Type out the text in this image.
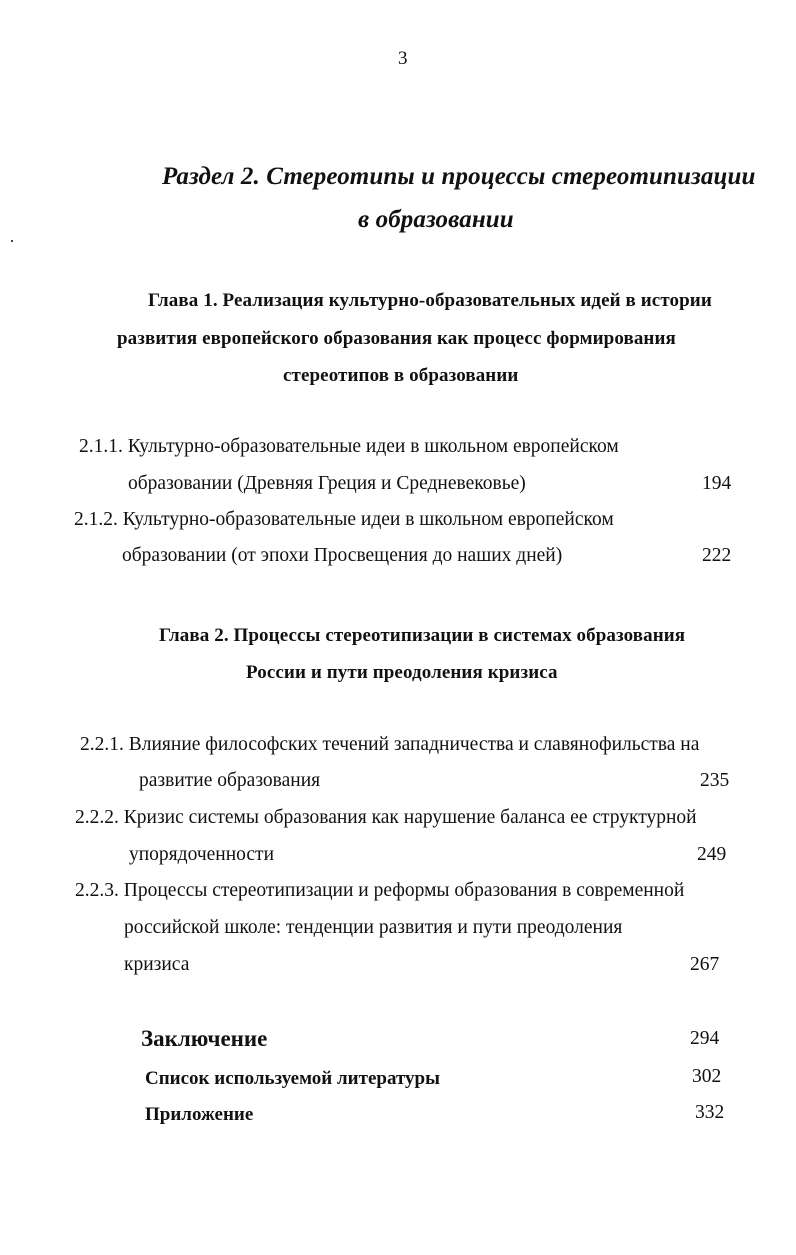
3
Раздел 2. Стереотипы и процессы стереотипизации
в образовании
Глава 1. Реализация культурно-образовательных идей в истории
развития европейского образования как процесс формирования
стереотипов в образовании
2.1.1. Культурно-образовательные идеи в школьном европейском
образовании (Древняя Греция и Средневековье)	194
2.1.2. Культурно-образовательные идеи в школьном европейском
образовании (от эпохи Просвещения до наших дней)	222
Глава 2. Процессы стереотипизации в системах образования
России и пути преодоления кризиса
2.2.1. Влияние философских течений западничества и славянофильства на
развитие образования	235
2.2.2. Кризис системы образования как нарушение баланса ее структурной
упорядоченности	249
2.2.3. Процессы стереотипизации и реформы образования в современной
российской школе: тенденции развития и пути преодоления
кризиса	267
Заключение	294
Список используемой литературы	302
Приложение	332
